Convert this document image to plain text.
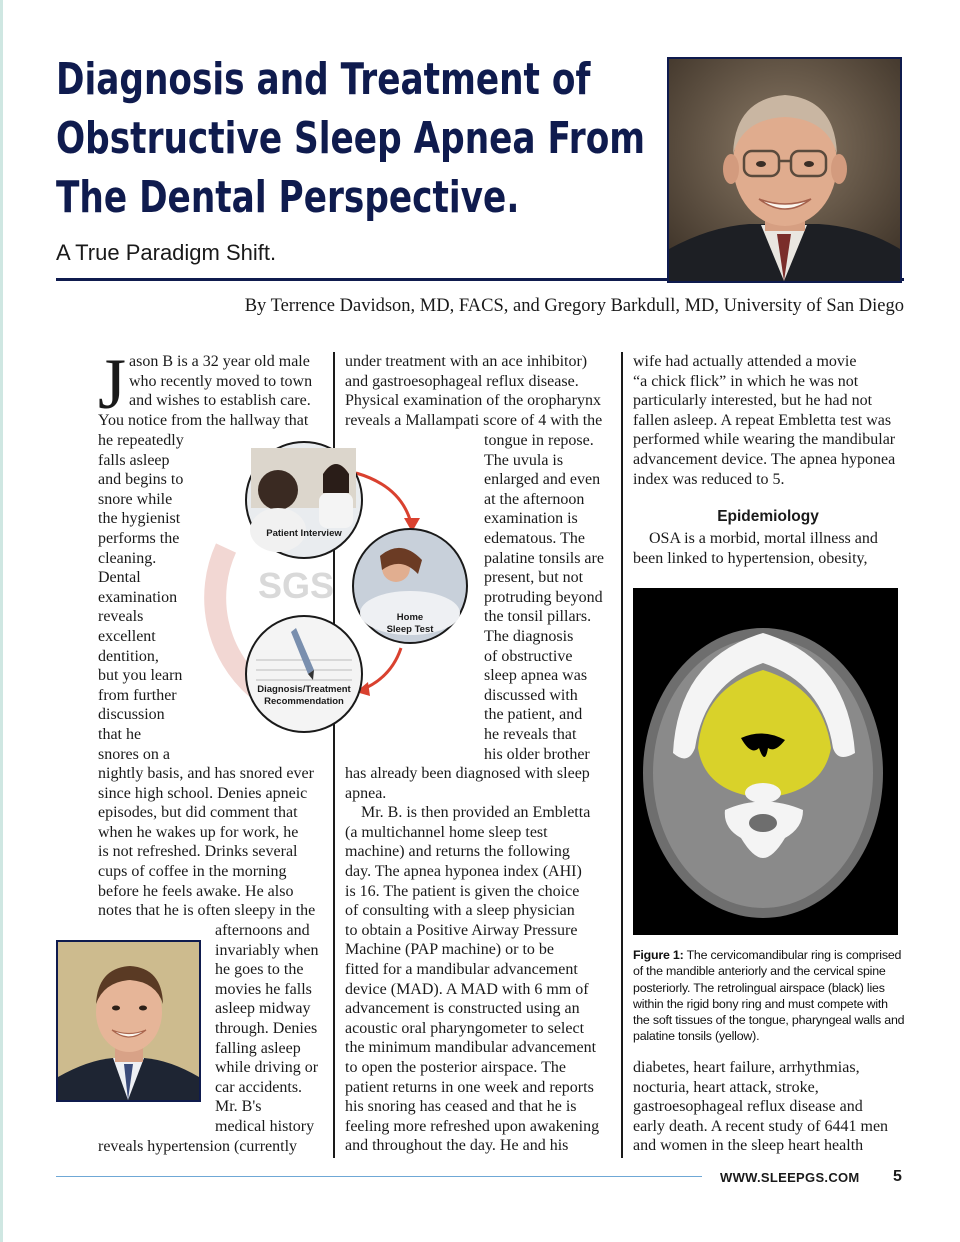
Diagnosis and Treatment of
Obstructive Sleep Apnea From
The Dental Perspective.
A True Paradigm Shift.
By Terrence Davidson, MD, FACS, and Gregory Barkdull, MD, University of San Diego
J ason B is a 32 year old male
who recently moved to town
and wishes to establish care.
You notice from the hallway that
he repeatedly
falls asleep
and begins to
snore while
the hygienist
performs the
cleaning.
Dental
examination
reveals
excellent
dentition,
but you learn
from further
discussion
that he
snores on a
nightly basis, and has snored ever
since high school. Denies apneic
episodes, but did comment that
when he wakes up for work, he
is not refreshed. Drinks several
cups of coffee in the morning
before he feels awake. He also
notes that he is often sleepy in the
afternoons and
invariably when
he goes to the
movies he falls
asleep midway
through. Denies
falling asleep
while driving or
car accidents.
Mr. B's
medical history
reveals hypertension (currently
SGS
Patient Interview
Home
Sleep Test
Diagnosis/Treatment
Recommendation
under treatment with an ace inhibitor)
and gastroesophageal reflux disease.
Physical examination of the oropharynx
reveals a Mallampati score of 4 with the
tongue in repose.
The uvula is
enlarged and even
at the afternoon
examination is
edematous. The
palatine tonsils are
present, but not
protruding beyond
the tonsil pillars.
The diagnosis
of obstructive
sleep apnea was
discussed with
the patient, and
he reveals that
his older brother
has already been diagnosed with sleep
apnea.
 Mr. B. is then provided an Embletta
(a multichannel home sleep test
machine) and returns the following
day. The apnea hyponea index (AHI)
is 16. The patient is given the choice
of consulting with a sleep physician
to obtain a Positive Airway Pressure
Machine (PAP machine) or to be
fitted for a mandibular advancement
device (MAD). A MAD with 6 mm of
advancement is constructed using an
acoustic oral pharyngometer to select
the minimum mandibular advancement
to open the posterior airspace. The
patient returns in one week and reports
his snoring has ceased and that he is
feeling more refreshed upon awakening
and throughout the day. He and his
wife had actually attended a movie
“a chick flick” in which he was not
particularly interested, but he had not
fallen asleep. A repeat Embletta test was
performed while wearing the mandibular
advancement device. The apnea hyponea
index was reduced to 5.
Epidemiology
 OSA is a morbid, mortal illness and
been linked to hypertension, obesity,
Figure 1: The cervicomandibular ring is comprised
of the mandible anteriorly and the cervical spine
posteriorly. The retrolingual airspace (black) lies
within the rigid bony ring and must compete with
the soft tissues of the tongue, pharyngeal walls and
palatine tonsils (yellow).
diabetes, heart failure, arrhythmias,
nocturia, heart attack, stroke,
gastroesophageal reflux disease and
early death. A recent study of 6441 men
and women in the sleep heart health
WWW.SLEEPGS.COM 5
